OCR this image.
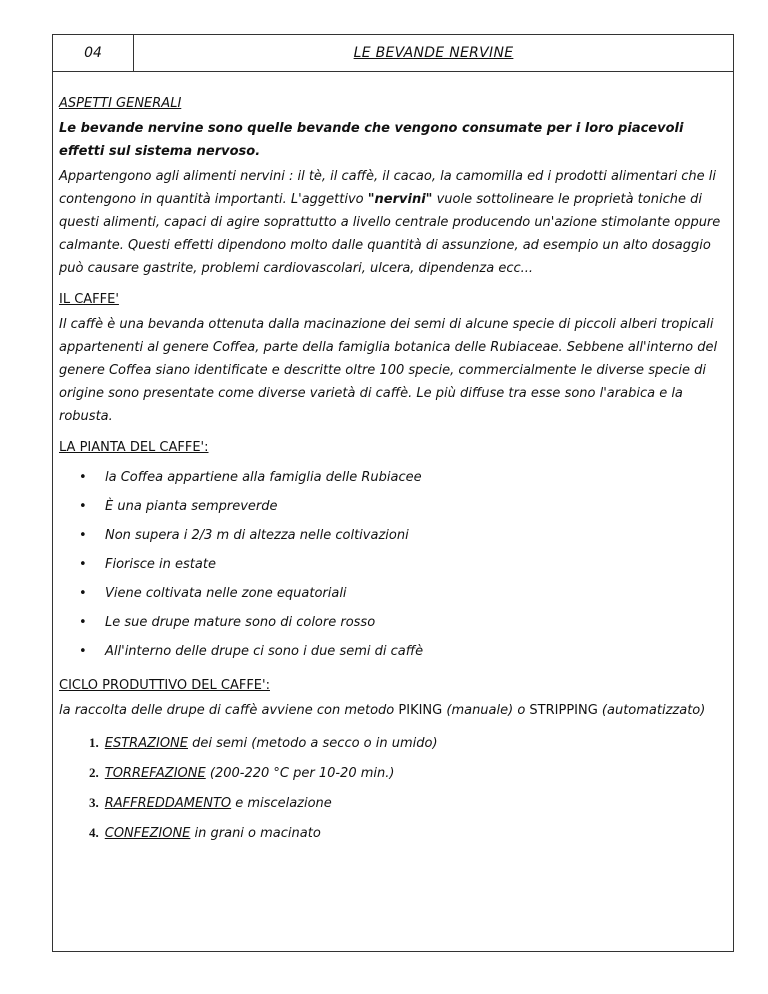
04	LE BEVANDE NERVINE
ASPETTI GENERALI

Le bevande nervine sono quelle bevande che vengono consumate per i loro piacevoli effetti sul sistema nervoso.

Appartengono agli alimenti nervini : il tè, il caffè, il cacao, la camomilla ed i prodotti alimentari che li contengono in quantità importanti. L'aggettivo "nervini" vuole sottolineare le proprietà toniche di questi alimenti, capaci di agire soprattutto a livello centrale producendo un'azione stimolante oppure calmante. Questi effetti dipendono molto dalle quantità di assunzione, ad esempio un alto dosaggio può causare gastrite, problemi cardiovascolari, ulcera, dipendenza ecc...

IL CAFFE'

Il caffè è una bevanda ottenuta dalla macinazione dei semi di alcune specie di piccoli alberi tropicali appartenenti al genere Coffea, parte della famiglia botanica delle Rubiaceae. Sebbene all'interno del genere Coffea siano identificate e descritte oltre 100 specie, commercialmente le diverse specie di origine sono presentate come diverse varietà di caffè. Le più diffuse tra esse sono l'arabica e la robusta.

LA PIANTA DEL CAFFE':
• la Coffea appartiene alla famiglia delle Rubiacee
• È una pianta sempreverde
• Non supera i 2/3 m di altezza nelle coltivazioni
• Fiorisce in estate
• Viene coltivata nelle zone equatoriali
• Le sue drupe mature sono di colore rosso
• All'interno delle drupe ci sono i due semi di caffè
CICLO PRODUTTIVO DEL CAFFE':

la raccolta delle drupe di caffè avviene con metodo PIKING (manuale) o STRIPPING (automatizzato)

1. ESTRAZIONE dei semi (metodo a secco o in umido)
2. TORREFAZIONE (200-220 °C per 10-20 min.)
3. RAFFREDDAMENTO e miscelazione
4. CONFEZIONE in grani o macinato
